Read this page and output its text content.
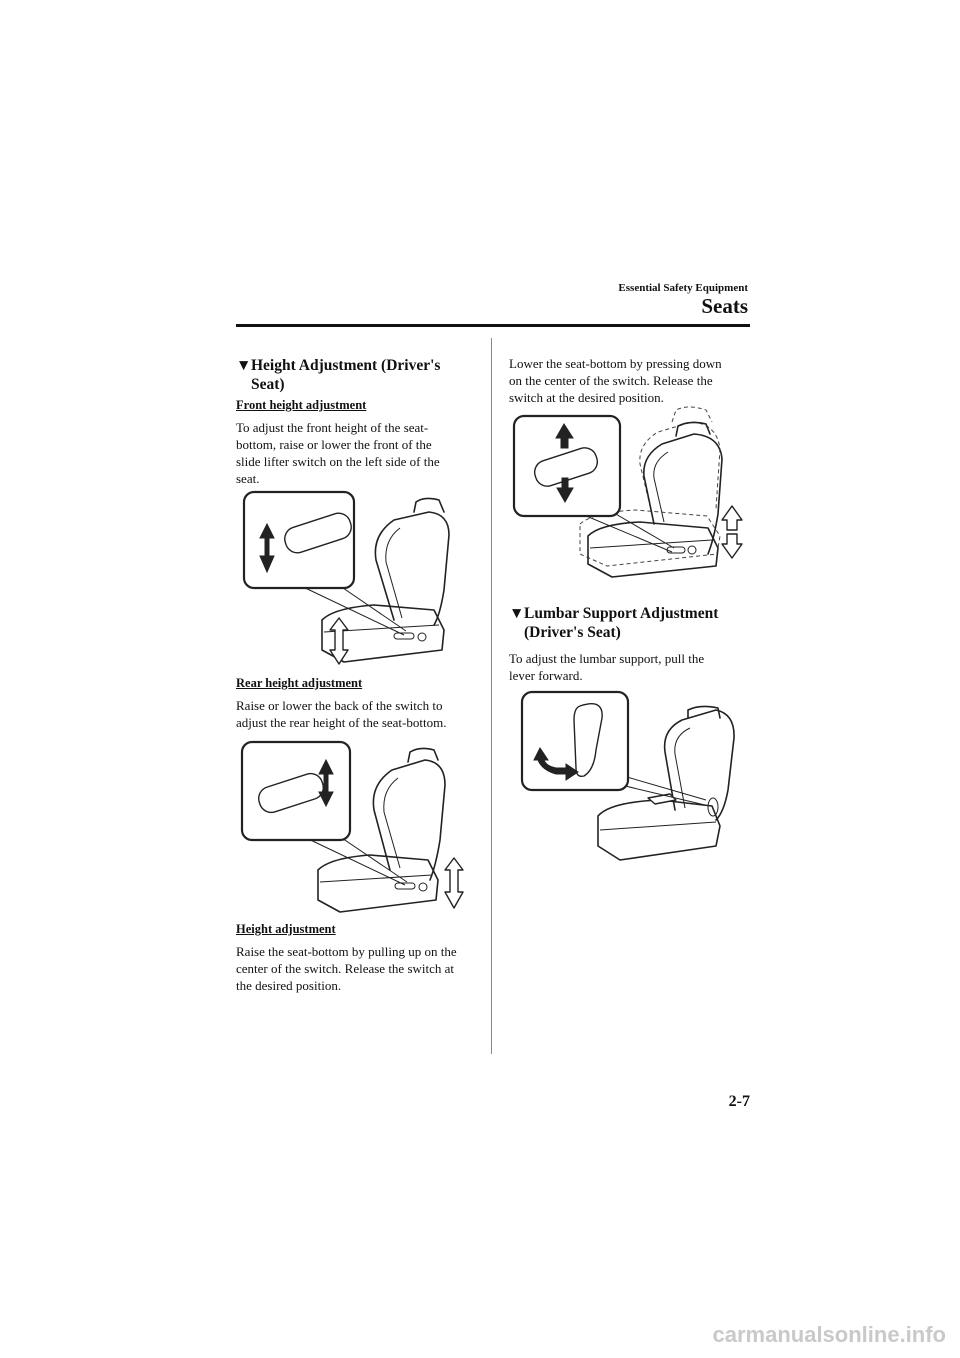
Essential Safety Equipment
Seats
▼Height Adjustment (Driver's
Seat)
Front height adjustment
To adjust the front height of the seat-
bottom, raise or lower the front of the
slide lifter switch on the left side of the
seat.
Rear height adjustment
Raise or lower the back of the switch to
adjust the rear height of the seat-bottom.
Height adjustment
Raise the seat-bottom by pulling up on the
center of the switch. Release the switch at
the desired position.
Lower the seat-bottom by pressing down
on the center of the switch. Release the
switch at the desired position.
▼Lumbar Support Adjustment
(Driver's Seat)
To adjust the lumbar support, pull the
lever forward.
2-7
carmanualsonline.info
